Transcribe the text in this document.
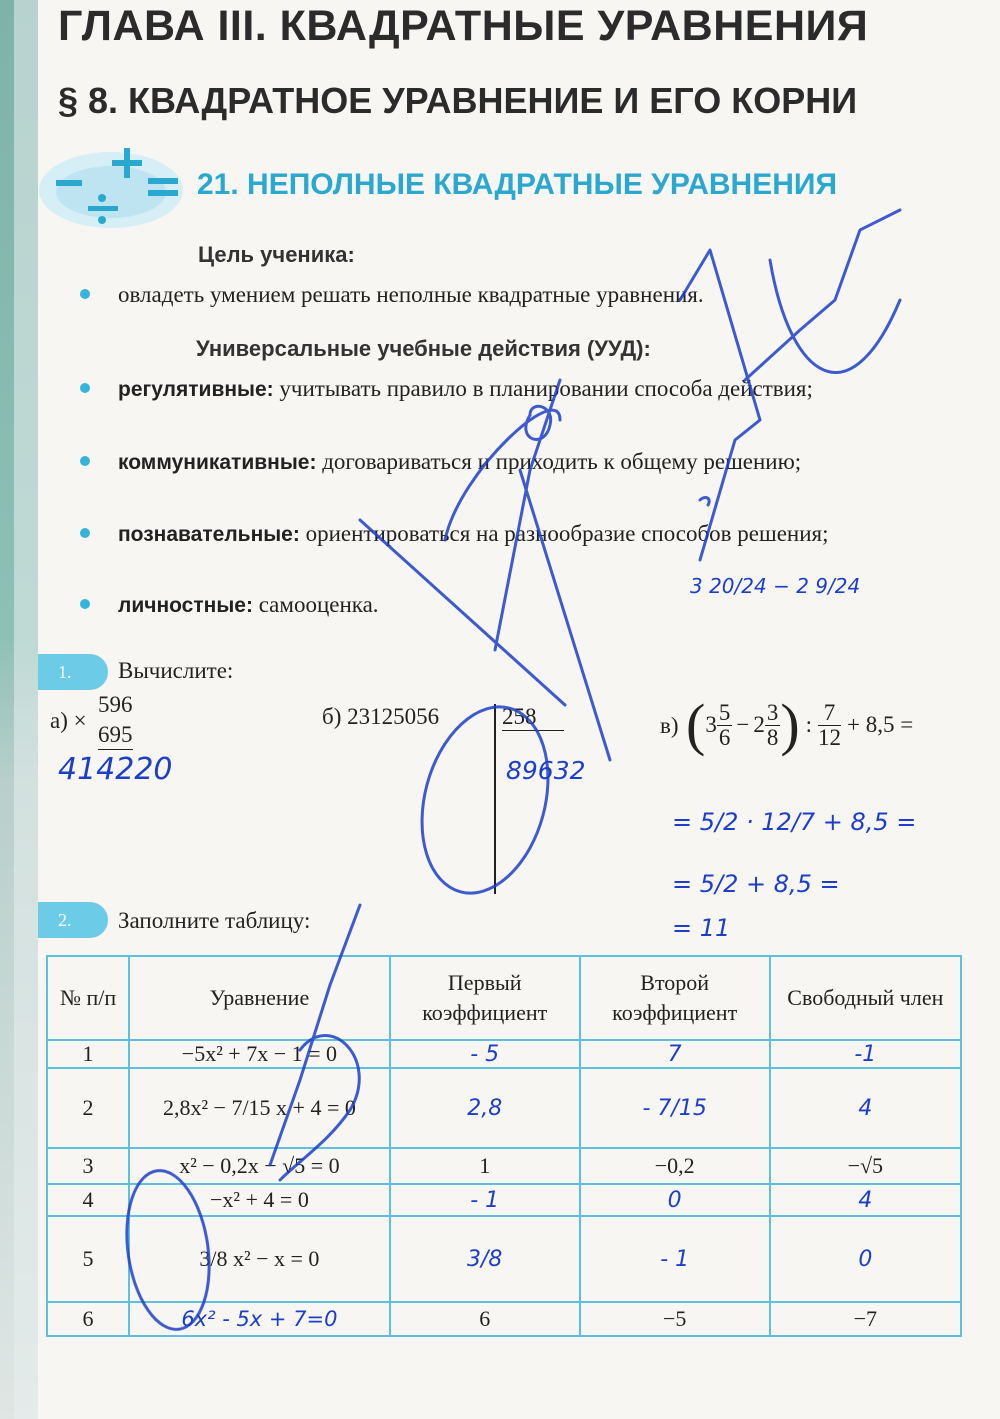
ГЛАВА III. КВАДРАТНЫЕ УРАВНЕНИЯ
§ 8. КВАДРАТНОЕ УРАВНЕНИЕ И ЕГО КОРНИ
21. НЕПОЛНЫЕ КВАДРАТНЫЕ УРАВНЕНИЯ
Цель ученика:
овладеть умением решать неполные квадратные уравнения.
Универсальные учебные действия (УУД):
регулятивные: учитывать правило в планировании способа действия;
коммуникативные: договариваться и приходить к общему решению;
познавательные: ориентироваться на разнообразие способов решения;
личностные: самооценка.
1.	Вычислите:
а) ×
596
695
414220
б) 23125056	258
89632
в) ( $3 \frac{5}{6} - 2 \frac{3}{8}$ ) : $\frac{7}{12} + 8,5$ =
3 20/24 − 2 9/24
= 5/2 · 12/7 + 8,5 =
= 5/2 + 8,5 =
= 11
2.	Заполните таблицу:
№ п/п	Уравнение	Первый коэффициент	Второй коэффициент	Свободный член
1	−5x² + 7x − 1 = 0	- 5	7	-1
2	2,8x² − 7/15 x + 4 = 0	2,8	- 7/15	4
3	x² − 0,2x − √5 = 0	1	−0,2	−√5
4	−x² + 4 = 0	- 1	0	4
5	3/8 x² − x = 0	3/8	- 1	0
6	6x² - 5x + 7=0	6	−5	−7
